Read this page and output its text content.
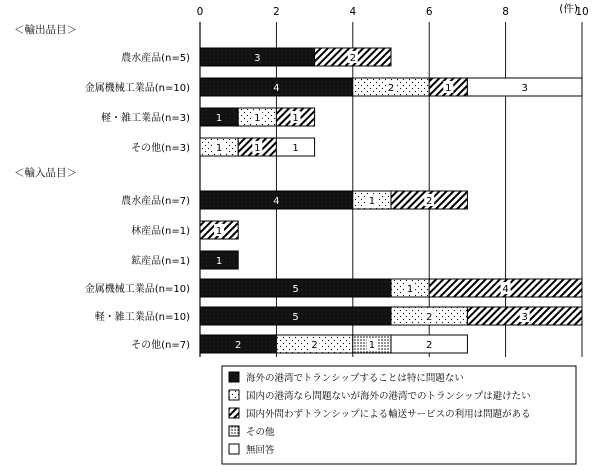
0	2	4	6	8	10
(件)
＜輸出品目＞
農水産品(n=5)
金属機械工業品(n=10)
軽・雑工業品(n=3)
その他(n=3)
＜輸入品目＞
農水産品(n=7)
林産品(n=1)
鉱産品(n=1)
金属機械工業品(n=10)
軽・雑工業品(n=10)
その他(n=7)
3	2
4	2	1	3
1	1	1
1	1	1
4	1	2
1
1
5	1	4
5	2	3
2	2	1	2
海外の港湾でトランシップすることは特に問題ない
国内の港湾なら問題ないが海外の港湾でのトランシップは避けたい
国内外問わずトランシップによる輸送サービスの利用は問題がある
その他
無回答
